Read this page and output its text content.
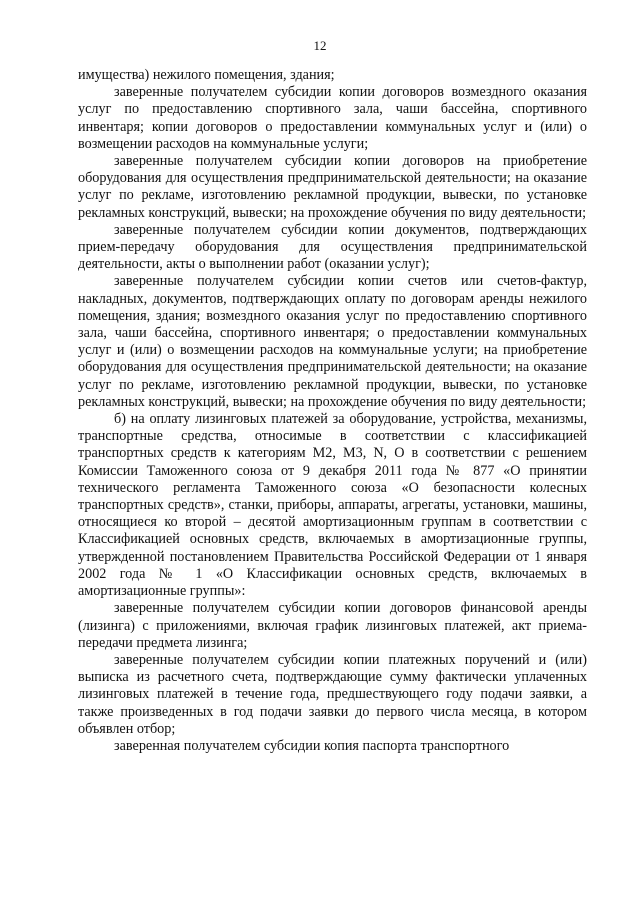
12

имущества) нежилого помещения, здания;

заверенные получателем субсидии копии договоров возмездного оказания услуг по предоставлению спортивного зала, чаши бассейна, спортивного инвентаря; копии договоров о предоставлении коммунальных услуг и (или) о возмещении расходов на коммунальные услуги;

заверенные получателем субсидии копии договоров на приобретение оборудования для осуществления предпринимательской деятельности; на оказание услуг по рекламе, изготовлению рекламной продукции, вывески, по установке рекламных конструкций, вывески; на прохождение обучения по виду деятельности;

заверенные получателем субсидии копии документов, подтверждающих прием-передачу оборудования для осуществления предпринимательской деятельности, акты о выполнении работ (оказании услуг);

заверенные получателем субсидии копии счетов или счетов-фактур, накладных, документов, подтверждающих оплату по договорам аренды нежилого помещения, здания; возмездного оказания услуг по предоставлению спортивного зала, чаши бассейна, спортивного инвентаря; о предоставлении коммунальных услуг и (или) о возмещении расходов на коммунальные услуги; на приобретение оборудования для осуществления предпринимательской деятельности; на оказание услуг по рекламе, изготовлению рекламной продукции, вывески, по установке рекламных конструкций, вывески; на прохождение обучения по виду деятельности;

б) на оплату лизинговых платежей за оборудование, устройства, механизмы, транспортные средства, относимые в соответствии с классификацией транспортных средств к категориям М2, М3, N, О в соответствии с решением Комиссии Таможенного союза от 9 декабря 2011 года № 877 «О принятии технического регламента Таможенного союза «О безопасности колесных транспортных средств», станки, приборы, аппараты, агрегаты, установки, машины, относящиеся ко второй – десятой амортизационным группам в соответствии с Классификацией основных средств, включаемых в амортизационные группы, утвержденной постановлением Правительства Российской Федерации от 1 января 2002 года № 1 «О Классификации основных средств, включаемых в амортизационные группы»:

заверенные получателем субсидии копии договоров финансовой аренды (лизинга) с приложениями, включая график лизинговых платежей, акт приема-передачи предмета лизинга;

заверенные получателем субсидии копии платежных поручений и (или) выписка из расчетного счета, подтверждающие сумму фактически уплаченных лизинговых платежей в течение года, предшествующего году подачи заявки, а также произведенных в год подачи заявки до первого числа месяца, в котором объявлен отбор;

заверенная получателем субсидии копия паспорта транспортного
